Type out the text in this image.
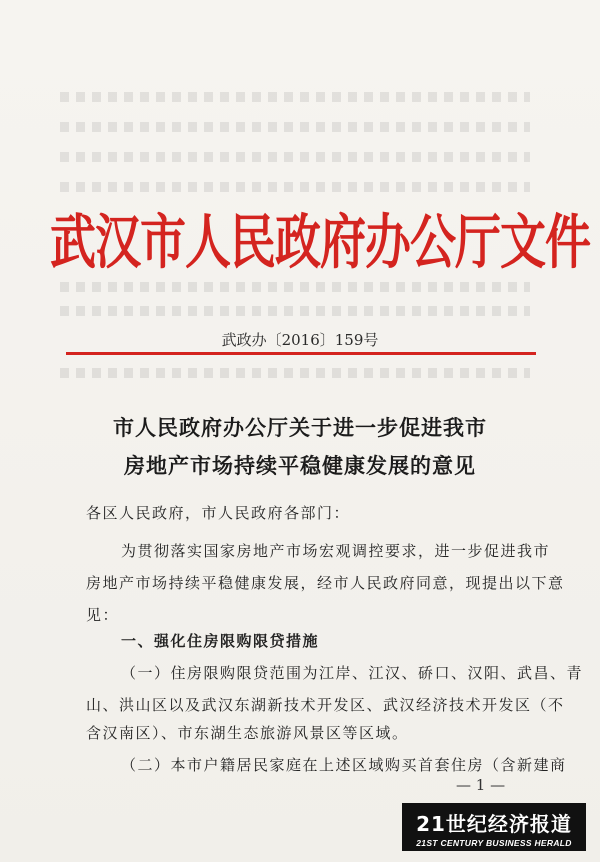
武汉市人民政府办公厅文件
武政办〔2016〕159号
市人民政府办公厅关于进一步促进我市
房地产市场持续平稳健康发展的意见
各区人民政府，市人民政府各部门：
为贯彻落实国家房地产市场宏观调控要求，进一步促进我市
房地产市场持续平稳健康发展，经市人民政府同意，现提出以下意
见：
一、强化住房限购限贷措施
（一）住房限购限贷范围为江岸、江汉、硚口、汉阳、武昌、青
山、洪山区以及武汉东湖新技术开发区、武汉经济技术开发区（不
含汉南区）、市东湖生态旅游风景区等区域。
（二）本市户籍居民家庭在上述区域购买首套住房（含新建商
— 1 —
21世纪经济报道
21ST CENTURY BUSINESS HERALD
